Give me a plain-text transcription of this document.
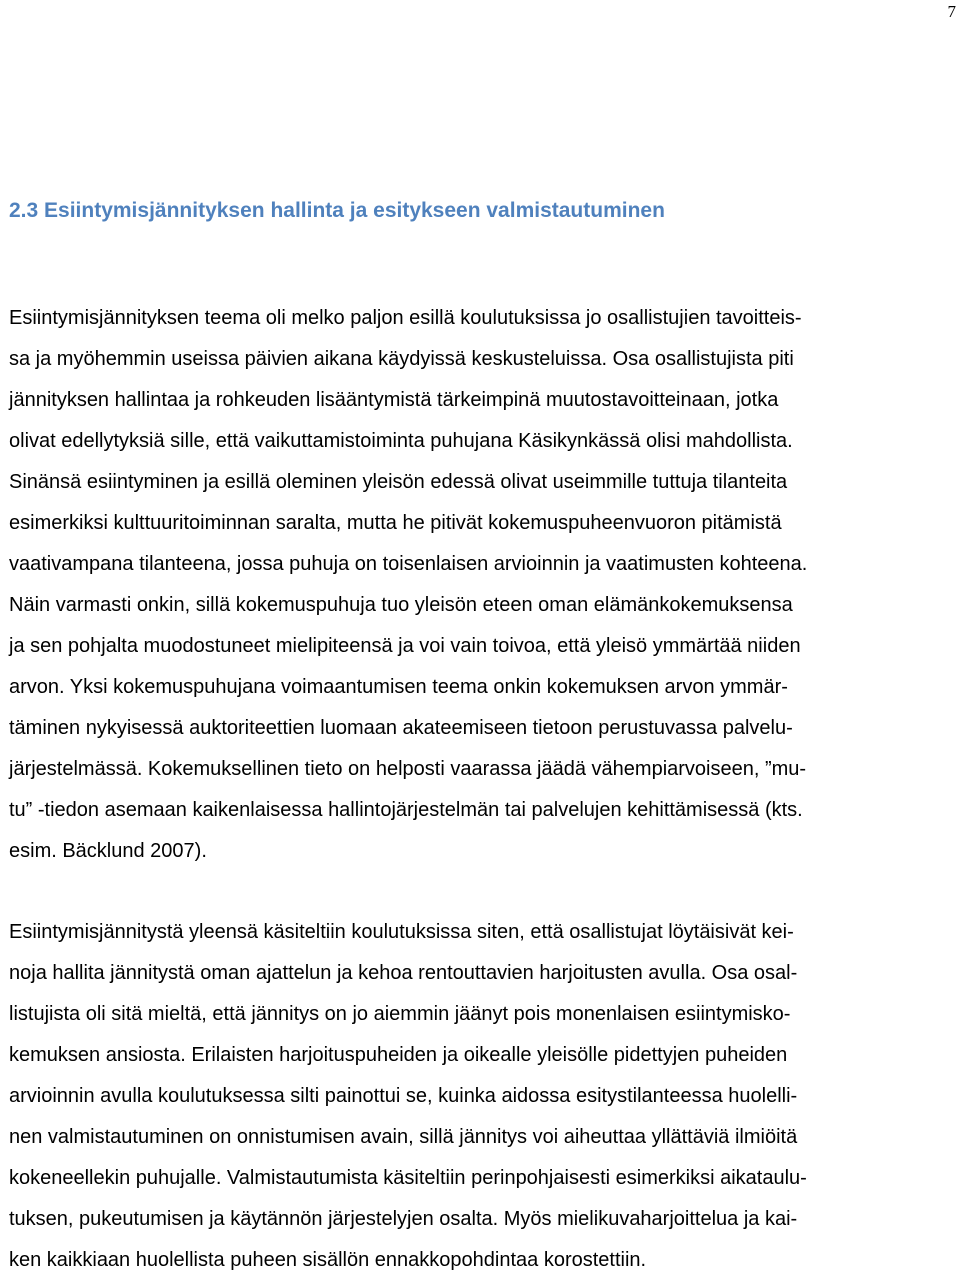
7
2.3 Esiintymisjännityksen hallinta ja esitykseen valmistautuminen

Esiintymisjännityksen teema oli melko paljon esillä koulutuksissa jo osallistujien tavoitteis-

sa ja myöhemmin useissa päivien aikana käydyissä keskusteluissa. Osa osallistujista piti

jännityksen hallintaa ja rohkeuden lisääntymistä tärkeimpinä muutostavoitteinaan, jotka

olivat edellytyksiä sille, että vaikuttamistoiminta puhujana Käsikynkässä olisi mahdollista.

Sinänsä esiintyminen ja esillä oleminen yleisön edessä olivat useimmille tuttuja tilanteita

esimerkiksi kulttuuritoiminnan saralta, mutta he pitivät kokemuspuheenvuoron pitämistä

vaativampana tilanteena, jossa puhuja on toisenlaisen arvioinnin ja vaatimusten kohteena.

Näin varmasti onkin, sillä kokemuspuhuja tuo yleisön eteen oman elämänkokemuksensa

ja sen pohjalta muodostuneet mielipiteensä ja voi vain toivoa, että yleisö ymmärtää niiden

arvon. Yksi kokemuspuhujana voimaantumisen teema onkin kokemuksen arvon ymmär-

täminen nykyisessä auktoriteettien luomaan akateemiseen tietoon perustuvassa palvelu-

järjestelmässä. Kokemuksellinen tieto on helposti vaarassa jäädä vähempiarvoiseen, ”mu-

tu” -tiedon asemaan kaikenlaisessa hallintojärjestelmän tai palvelujen kehittämisessä (kts.

esim. Bäcklund 2007).

Esiintymisjännitystä yleensä käsiteltiin koulutuksissa siten, että osallistujat löytäisivät kei-

noja hallita jännitystä oman ajattelun ja kehoa rentouttavien harjoitusten avulla. Osa osal-

listujista oli sitä mieltä, että jännitys on jo aiemmin jäänyt pois monenlaisen esiintymisko-

kemuksen ansiosta. Erilaisten harjoituspuheiden ja oikealle yleisölle pidettyjen puheiden

arvioinnin avulla koulutuksessa silti painottui se, kuinka aidossa esitystilanteessa huolelli-

nen valmistautuminen on onnistumisen avain, sillä jännitys voi aiheuttaa yllättäviä ilmiöitä

kokeneellekin puhujalle. Valmistautumista käsiteltiin perinpohjaisesti esimerkiksi aikataulu-

tuksen, pukeutumisen ja käytännön järjestelyjen osalta. Myös mielikuvaharjoittelua ja kai-

ken kaikkiaan huolellista puheen sisällön ennakkopohdintaa korostettiin.
